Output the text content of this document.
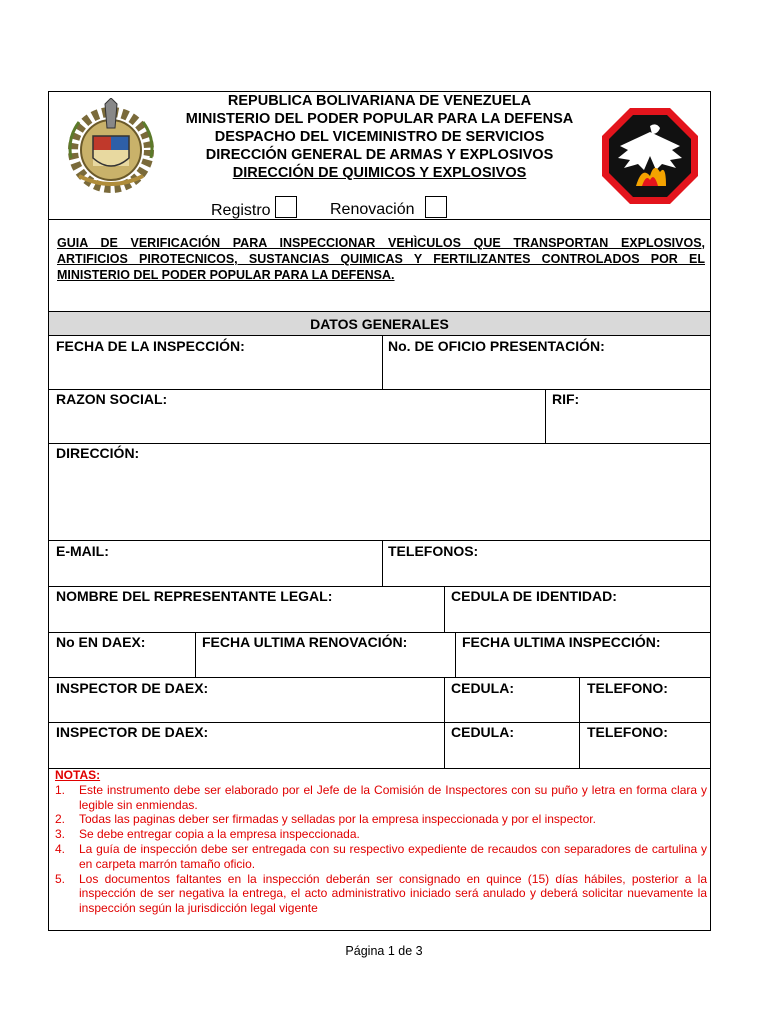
REPUBLICA BOLIVARIANA DE VENEZUELA
MINISTERIO DEL PODER POPULAR PARA LA DEFENSA
DESPACHO DEL VICEMINISTRO DE SERVICIOS
DIRECCIÓN GENERAL DE ARMAS Y EXPLOSIVOS
DIRECCIÓN DE QUIMICOS Y EXPLOSIVOS
Registro	Renovación
GUIA DE VERIFICACIÓN PARA INSPECCIONAR VEHÌCULOS QUE TRANSPORTAN EXPLOSIVOS, ARTIFICIOS PIROTECNICOS, SUSTANCIAS QUIMICAS Y FERTILIZANTES CONTROLADOS POR EL MINISTERIO DEL PODER POPULAR PARA LA DEFENSA.
DATOS GENERALES
FECHA DE LA INSPECCIÓN:	No. DE OFICIO PRESENTACIÓN:
RAZON SOCIAL:	RIF:
DIRECCIÓN:
E-MAIL:	TELEFONOS:
NOMBRE DEL REPRESENTANTE LEGAL:	CEDULA DE IDENTIDAD:
No EN DAEX:	FECHA ULTIMA RENOVACIÓN:	FECHA ULTIMA INSPECCIÓN:
INSPECTOR DE DAEX:	CEDULA:	TELEFONO:
INSPECTOR DE DAEX:	CEDULA:	TELEFONO:
NOTAS:
1. Este instrumento debe ser elaborado por el Jefe de la Comisión de Inspectores con su puño y letra en forma clara y legible sin enmiendas.
2. Todas las paginas deber ser firmadas y selladas por la empresa inspeccionada y por el inspector.
3. Se debe entregar copia a la empresa inspeccionada.
4. La guía de inspección debe ser entregada con su respectivo expediente de recaudos con separadores de cartulina y en carpeta marrón tamaño oficio.
5. Los documentos faltantes en la inspección deberán ser consignado en quince (15) días hábiles, posterior a la inspección de ser negativa la entrega, el acto administrativo iniciado será anulado y deberá solicitar nuevamente la inspección según la jurisdicción legal vigente
Página 1 de 3
